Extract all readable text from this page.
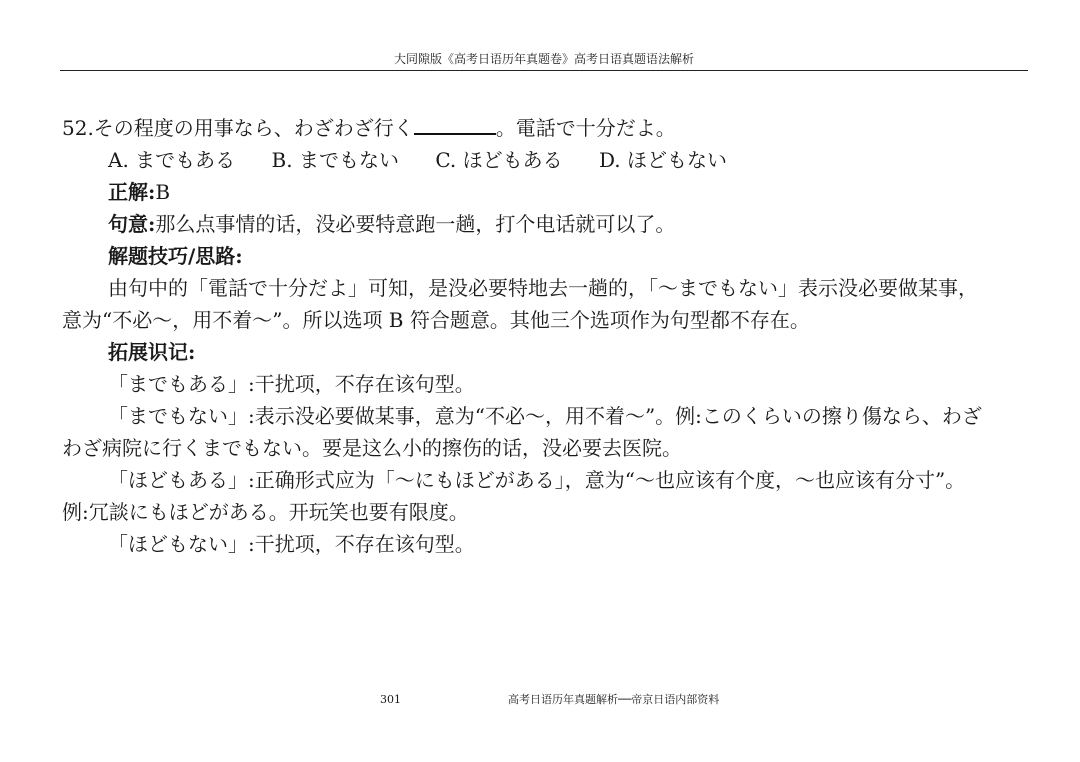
大同隙版《高考日语历年真题卷》高考日语真题语法解析
52.その程度の用事なら、わざわざ行く	。電話で十分だよ。
A. までもある B. までもない C. ほどもある D. ほどもない
正解:B
句意:那么点事情的话，没必要特意跑一趟，打个电话就可以了。
解题技巧/思路:
由句中的「電話で十分だよ」可知，是没必要特地去一趟的，「～までもない」表示没必要做某事，
意为“不必～，用不着～”。所以选项 B 符合题意。其他三个选项作为句型都不存在。
拓展识记:
「までもある」:干扰项，不存在该句型。
「までもない」:表示没必要做某事，意为“不必～，用不着～”。例:このくらいの擦り傷なら、わざ
わざ病院に行くまでもない。要是这么小的擦伤的话，没必要去医院。
「ほどもある」:正确形式应为「～にもほどがある」，意为“～也应该有个度，～也应该有分寸”。
例:冗談にもほどがある。开玩笑也要有限度。
「ほどもない」:干扰项，不存在该句型。
301	高考日语历年真题解析──帝京日语内部资料
